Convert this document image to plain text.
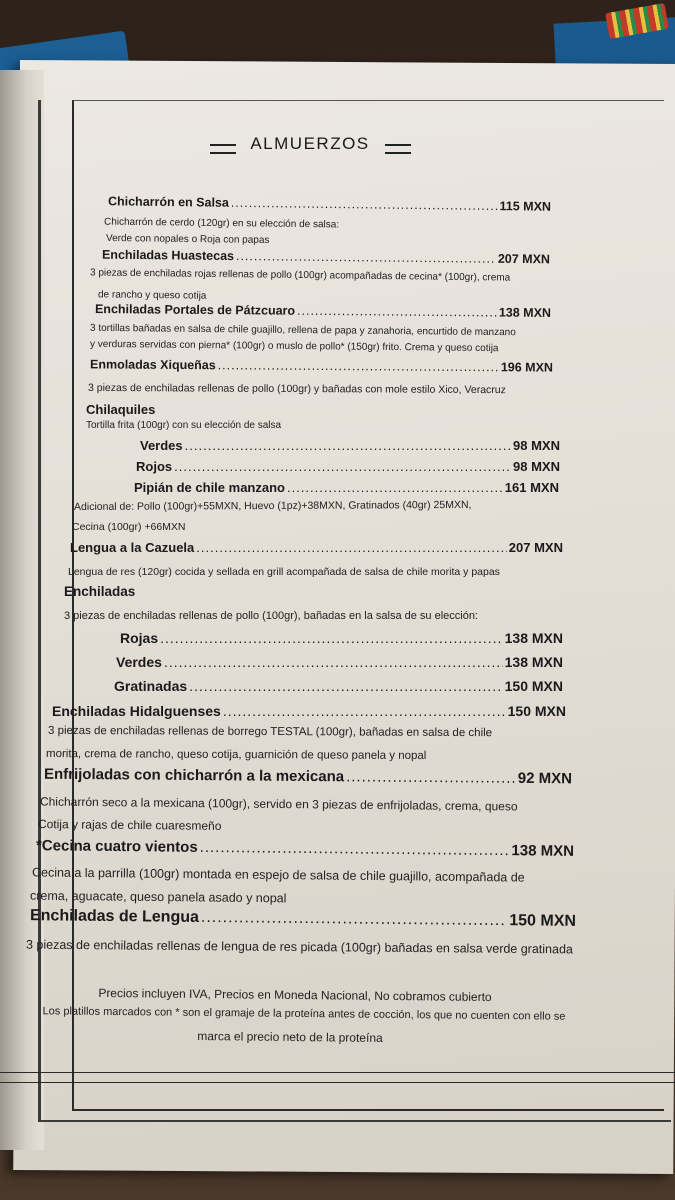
ALMUERZOS
Chicharrón en Salsa .....	115 MXN
Chicharrón de cerdo (120gr) en su elección de salsa:
Verde con nopales o Roja con papas
Enchiladas Huastecas .....	207 MXN
3 piezas de enchiladas rojas rellenas de pollo (100gr) acompañadas de cecina* (100gr), crema
de rancho y queso cotija
Enchiladas Portales de Pátzcuaro .....	138 MXN
3 tortillas bañadas en salsa de chile guajillo, rellena de papa y zanahoria, encurtido de manzano
y verduras servidas con pierna* (100gr) o muslo de pollo* (150gr) frito. Crema y queso cotija
Enmoladas Xiqueñas .....	196 MXN
3 piezas de enchiladas rellenas de pollo (100gr) y bañadas con mole estilo Xico, Veracruz
Chilaquiles
Tortilla frita (100gr) con su elección de salsa
Verdes .....	98 MXN
Rojos .....	98 MXN
Pipián de chile manzano .....	161 MXN
Adicional de: Pollo (100gr)+55MXN, Huevo (1pz)+38MXN, Gratinados (40gr) 25MXN,
Cecina (100gr) +66MXN
Lengua a la Cazuela .....	207 MXN
Lengua de res (120gr) cocida y sellada en grill acompañada de salsa de chile morita y papas
Enchiladas
3 piezas de enchiladas rellenas de pollo (100gr), bañadas en la salsa de su elección:
Rojas .....	138 MXN
Verdes .....	138 MXN
Gratinadas .....	150 MXN
Enchiladas Hidalguenses .....	150 MXN
3 piezas de enchiladas rellenas de borrego TESTAL (100gr), bañadas en salsa de chile
morita, crema de rancho, queso cotija, guarnición de queso panela y nopal
Enfrijoladas con chicharrón a la mexicana .....	92 MXN
Chicharrón seco a la mexicana (100gr), servido en 3 piezas de enfrijoladas, crema, queso
Cotija y rajas de chile cuaresmeño
*Cecina cuatro vientos .....	138 MXN
Cecina a la parrilla (100gr) montada en espejo de salsa de chile guajillo, acompañada de
crema, aguacate, queso panela asado y nopal
Enchiladas de Lengua .....	150 MXN
3 piezas de enchiladas rellenas de lengua de res picada (100gr) bañadas en salsa verde gratinada
Precios incluyen IVA, Precios en Moneda Nacional, No cobramos cubierto
Los platillos marcados con * son el gramaje de la proteína antes de cocción, los que no cuenten con ello se
marca el precio neto de la proteína
